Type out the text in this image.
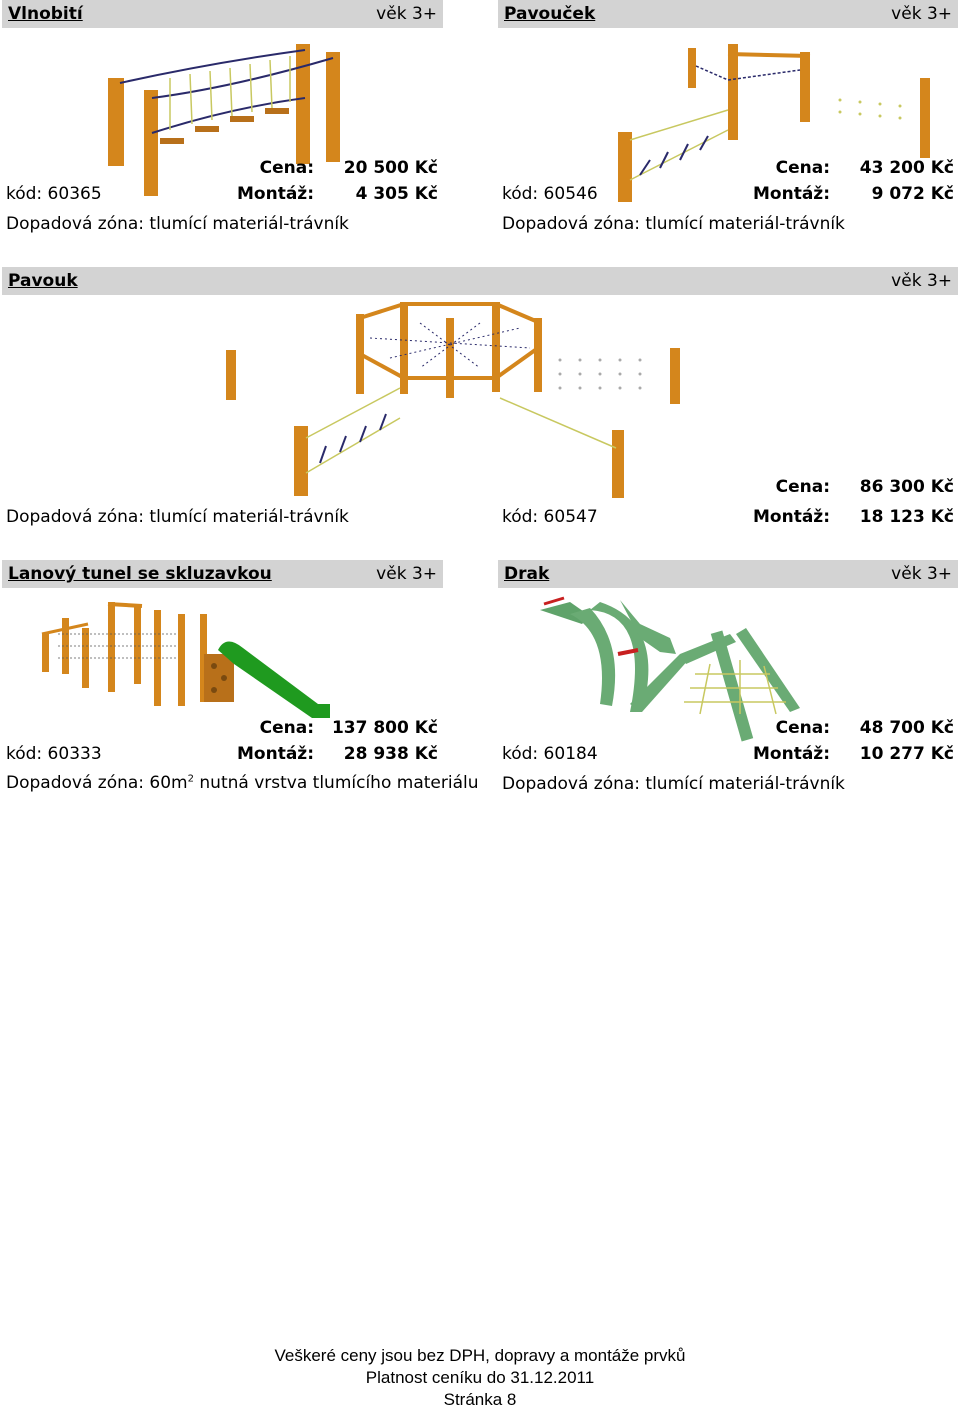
Vlnobití	věk 3+
Cena:	20 500 Kč
kód: 60365	Montáž:	4 305 Kč
Dopadová zóna: tlumící materiál-trávník
Pavouček	věk 3+
Cena:	43 200 Kč
kód: 60546	Montáž:	9 072 Kč
Dopadová zóna: tlumící materiál-trávník
Pavouk	věk 3+
Dopadová zóna: tlumící materiál-trávník	kód: 60547
Cena:	86 300 Kč
Montáž:	18 123 Kč
Lanový tunel se skluzavkou	věk 3+
Cena:	137 800 Kč
kód: 60333	Montáž:	28 938 Kč
Dopadová zóna: $60m^2$ nutná vrstva tlumícího materiálu
Drak	věk 3+
Cena:	48 700 Kč
kód: 60184	Montáž:	10 277 Kč
Dopadová zóna: tlumící materiál-trávník
Veškeré ceny jsou bez DPH, dopravy a montáže prvků
Platnost ceníku do 31.12.2011
Stránka 8
